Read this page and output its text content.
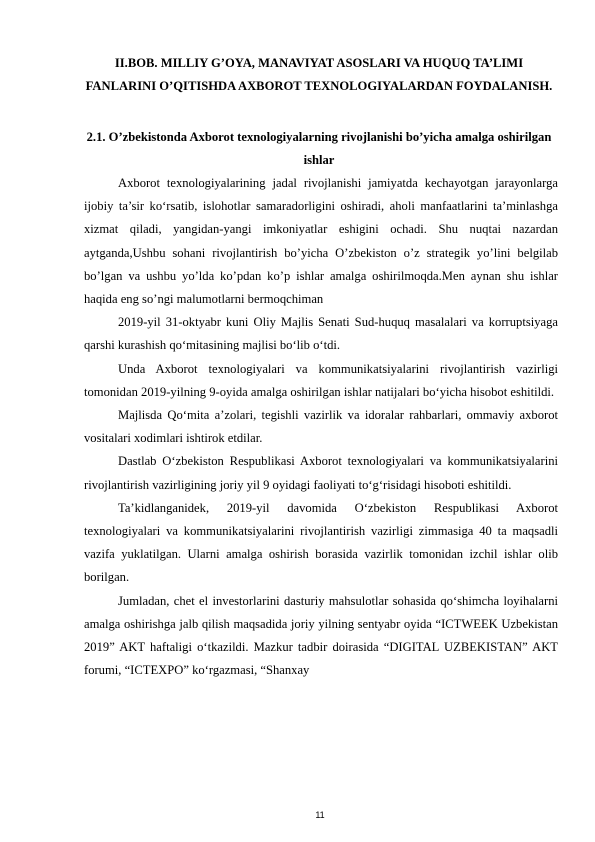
II.BOB. MILLIY G’OYA, MANAVIYAT ASOSLARI VA HUQUQ TA’LIMI FANLARINI O’QITISHDA AXBOROT TEXNOLOGIYALARDAN FOYDALANISH.
2.1. O’zbekistonda Axborot texnologiyalarning rivojlanishi bo’yicha amalga oshirilgan ishlar

Axborot texnologiyalarining jadal rivojlanishi jamiyatda kechayotgan jarayonlarga ijobiy ta’sir ko‘rsatib, islohotlar samaradorligini oshiradi, aholi manfaatlarini ta’minlashga xizmat qiladi, yangidan-yangi imkoniyatlar eshigini ochadi. Shu nuqtai nazardan aytganda,Ushbu sohani rivojlantirish bo’yicha O’zbekiston o’z strategik yo’lini belgilab bo’lgan va ushbu yo’lda ko’pdan ko’p ishlar amalga oshirilmoqda.Men aynan shu ishlar haqida eng so’ngi malumotlarni bermoqchiman

2019-yil 31-oktyabr kuni Oliy Majlis Senati Sud-huquq masalalari va korruptsiyaga qarshi kurashish qo‘mitasining majlisi bo‘lib o‘tdi.

Unda Axborot texnologiyalari va kommunikatsiyalarini rivojlantirish vazirligi tomonidan 2019-yilning 9-oyida amalga oshirilgan ishlar natijalari bo‘yicha hisobot eshitildi.

Majlisda Qo‘mita a’zolari, tegishli vazirlik va idoralar rahbarlari, ommaviy axborot vositalari xodimlari ishtirok etdilar.

Dastlab O‘zbekiston Respublikasi Axborot texnologiyalari va kommunikatsiyalarini rivojlantirish vazirligining joriy yil 9 oyidagi faoliyati to‘g‘risidagi hisoboti eshitildi.

Ta’kidlanganidek, 2019-yil davomida O‘zbekiston Respublikasi Axborot texnologiyalari va kommunikatsiyalarini rivojlantirish vazirligi zimmasiga 40 ta maqsadli vazifa yuklatilgan. Ularni amalga oshirish borasida vazirlik tomonidan izchil ishlar olib borilgan.

Jumladan, chet el investorlarini dasturiy mahsulotlar sohasida qo‘shimcha loyihalarni amalga oshirishga jalb qilish maqsadida joriy yilning sentyabr oyida “ICTWEEK Uzbekistan 2019” AKT haftaligi o‘tkazildi. Mazkur tadbir doirasida “DIGITAL UZBEKISTAN” AKT forumi, “ICTEXPO” ko‘rgazmasi, “Shanxay

11
